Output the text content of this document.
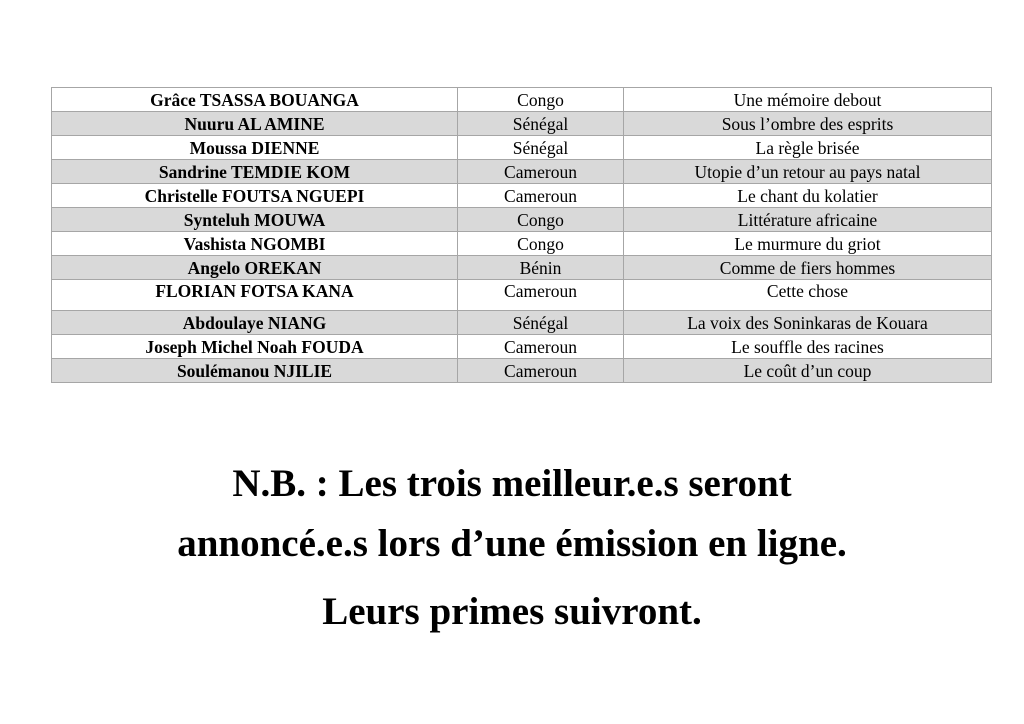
Grâce TSASSA BOUANGA	Congo	Une mémoire debout
Nuuru AL AMINE	Sénégal	Sous l’ombre des esprits
Moussa DIENNE	Sénégal	La règle brisée
Sandrine TEMDIE KOM	Cameroun	Utopie d’un retour au pays natal
Christelle FOUTSA NGUEPI	Cameroun	Le chant du kolatier
Synteluh MOUWA	Congo	Littérature africaine
Vashista NGOMBI	Congo	Le murmure du griot
Angelo OREKAN	Bénin	Comme de fiers hommes
FLORIAN FOTSA KANA	Cameroun	Cette chose
Abdoulaye NIANG	Sénégal	La voix des Soninkaras de Kouara
Joseph Michel Noah FOUDA	Cameroun	Le souffle des racines
Soulémanou NJILIE	Cameroun	Le coût d’un coup

N.B. : Les trois meilleur.e.s seront

annoncé.e.s lors d’une émission en ligne.

Leurs primes suivront.
